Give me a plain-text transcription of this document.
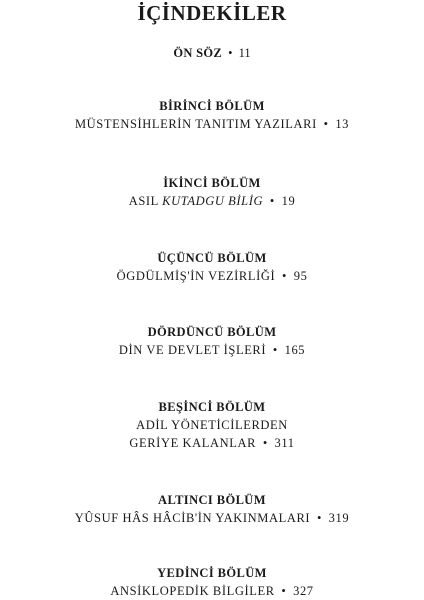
İÇİNDEKİLER
ÖN SÖZ • 11
BİRİNCİ BÖLÜM
MÜSTENSİHLERİN TANITIM YAZILARI • 13
İKİNCİ BÖLÜM
ASIL KUTADGU BİLİG • 19
ÜÇÜNCÜ BÖLÜM
ÖGDÜLMİŞ'İN VEZİRLİĞİ • 95
DÖRDÜNCÜ BÖLÜM
DİN VE DEVLET İŞLERİ • 165
BEŞİNCİ BÖLÜM
ADİL YÖNETİCİLERDEN
GERİYE KALANLAR • 311
ALTINCI BÖLÜM
YÛSUF HÂS HÂCİB'İN YAKINMALARI • 319
YEDİNCİ BÖLÜM
ANSİKLOPEDİK BİLGİLER • 327
